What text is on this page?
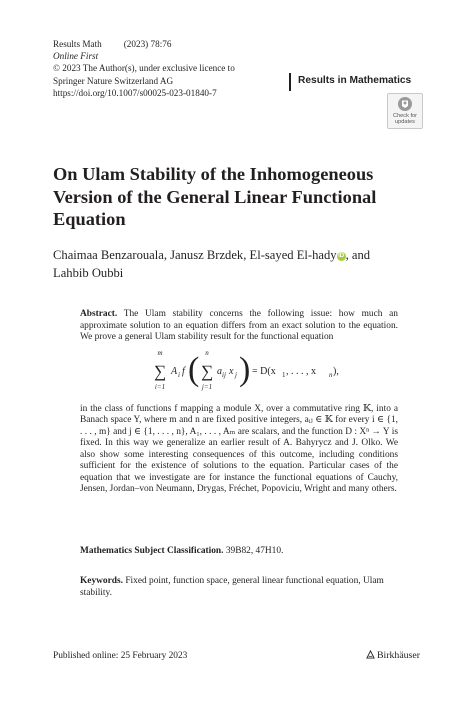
Results Math (2023) 78:76
Online First
© 2023 The Author(s), under exclusive licence to
Springer Nature Switzerland AG
https://doi.org/10.1007/s00025-023-01840-7
Results in Mathematics
Check for updates
On Ulam Stability of the Inhomogeneous Version of the General Linear Functional Equation
Chaimaa Benzarouala, Janusz Brzdek, El-sayed El-hady iD , and
Lahbib Oubbi

Abstract. The Ulam stability concerns the following issue: how much an approximate solution to an equation differs from an exact solution to the equation. We prove a general Ulam stability result for the functional equation

m
∑
i=1
A i f ( n
∑
j=1
a ij x j ) = D(x 1 , . . . , x n ),

in the class of functions f mapping a module X, over a commutative ring 𝕂, into a Banach space Y, where m and n are fixed positive integers, aᵢⱼ ∈ 𝕂 for every i ∈ {1, . . . , m} and j ∈ {1, . . . , n}, A₁, . . . , Aₘ are scalars, and the function D : Xⁿ → Y is fixed. In this way we generalize an earlier result of A. Bahyrycz and J. Olko. We also show some interesting consequences of this outcome, including conditions sufficient for the existence of solutions to the equation. Particular cases of the equation that we investigate are for instance the functional equations of Cauchy, Jensen, Jordan–von Neumann, Drygas, Fréchet, Popoviciu, Wright and many others.

Mathematics Subject Classification. 39B82, 47H10.
Keywords. Fixed point, function space, general linear functional equation, Ulam stability.
Published online: 25 February 2023	Birkhäuser
